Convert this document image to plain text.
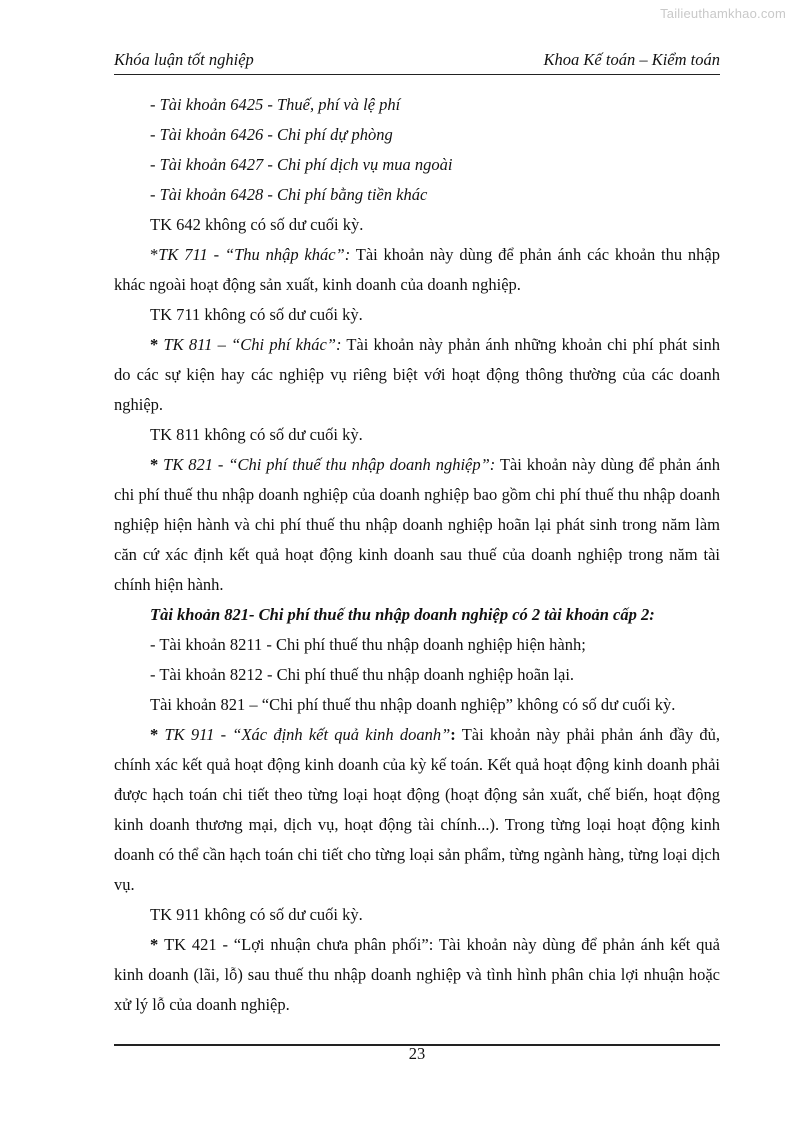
Tailieuthamkhao.com
Khóa luận tốt nghiệp	Khoa Kế toán – Kiểm toán

- Tài khoản 6425 - Thuế, phí và lệ phí

- Tài khoản 6426 - Chi phí dự phòng

- Tài khoản 6427 - Chi phí dịch vụ mua ngoài

- Tài khoản 6428 - Chi phí bằng tiền khác

TK 642 không có số dư cuối kỳ.

*TK 711 - “Thu nhập khác”: Tài khoản này dùng để phản ánh các khoản thu nhập khác ngoài hoạt động sản xuất, kinh doanh của doanh nghiệp.

TK 711 không có số dư cuối kỳ.

* TK 811 – “Chi phí khác”: Tài khoản này phản ánh những khoản chi phí phát sinh do các sự kiện hay các nghiệp vụ riêng biệt với hoạt động thông thường của các doanh nghiệp.

TK 811 không có số dư cuối kỳ.

* TK 821 - “Chi phí thuế thu nhập doanh nghiệp”: Tài khoản này dùng để phản ánh chi phí thuế thu nhập doanh nghiệp của doanh nghiệp bao gồm chi phí thuế thu nhập doanh nghiệp hiện hành và chi phí thuế thu nhập doanh nghiệp hoãn lại phát sinh trong năm làm căn cứ xác định kết quả hoạt động kinh doanh sau thuế của doanh nghiệp trong năm tài chính hiện hành.

Tài khoản 821- Chi phí thuế thu nhập doanh nghiệp có 2 tài khoản cấp 2:

- Tài khoản 8211 - Chi phí thuế thu nhập doanh nghiệp hiện hành;

- Tài khoản 8212 - Chi phí thuế thu nhập doanh nghiệp hoãn lại.

Tài khoản 821 – “Chi phí thuế thu nhập doanh nghiệp” không có số dư cuối kỳ.

* TK 911 - “Xác định kết quả kinh doanh”: Tài khoản này phải phản ánh đầy đủ, chính xác kết quả hoạt động kinh doanh của kỳ kế toán. Kết quả hoạt động kinh doanh phải được hạch toán chi tiết theo từng loại hoạt động (hoạt động sản xuất, chế biến, hoạt động kinh doanh thương mại, dịch vụ, hoạt động tài chính...). Trong từng loại hoạt động kinh doanh có thể cần hạch toán chi tiết cho từng loại sản phẩm, từng ngành hàng, từng loại dịch vụ.

TK 911 không có số dư cuối kỳ.

* TK 421 - “Lợi nhuận chưa phân phối”: Tài khoản này dùng để phản ánh kết quả kinh doanh (lãi, lỗ) sau thuế thu nhập doanh nghiệp và tình hình phân chia lợi nhuận hoặc xử lý lỗ của doanh nghiệp.

23
